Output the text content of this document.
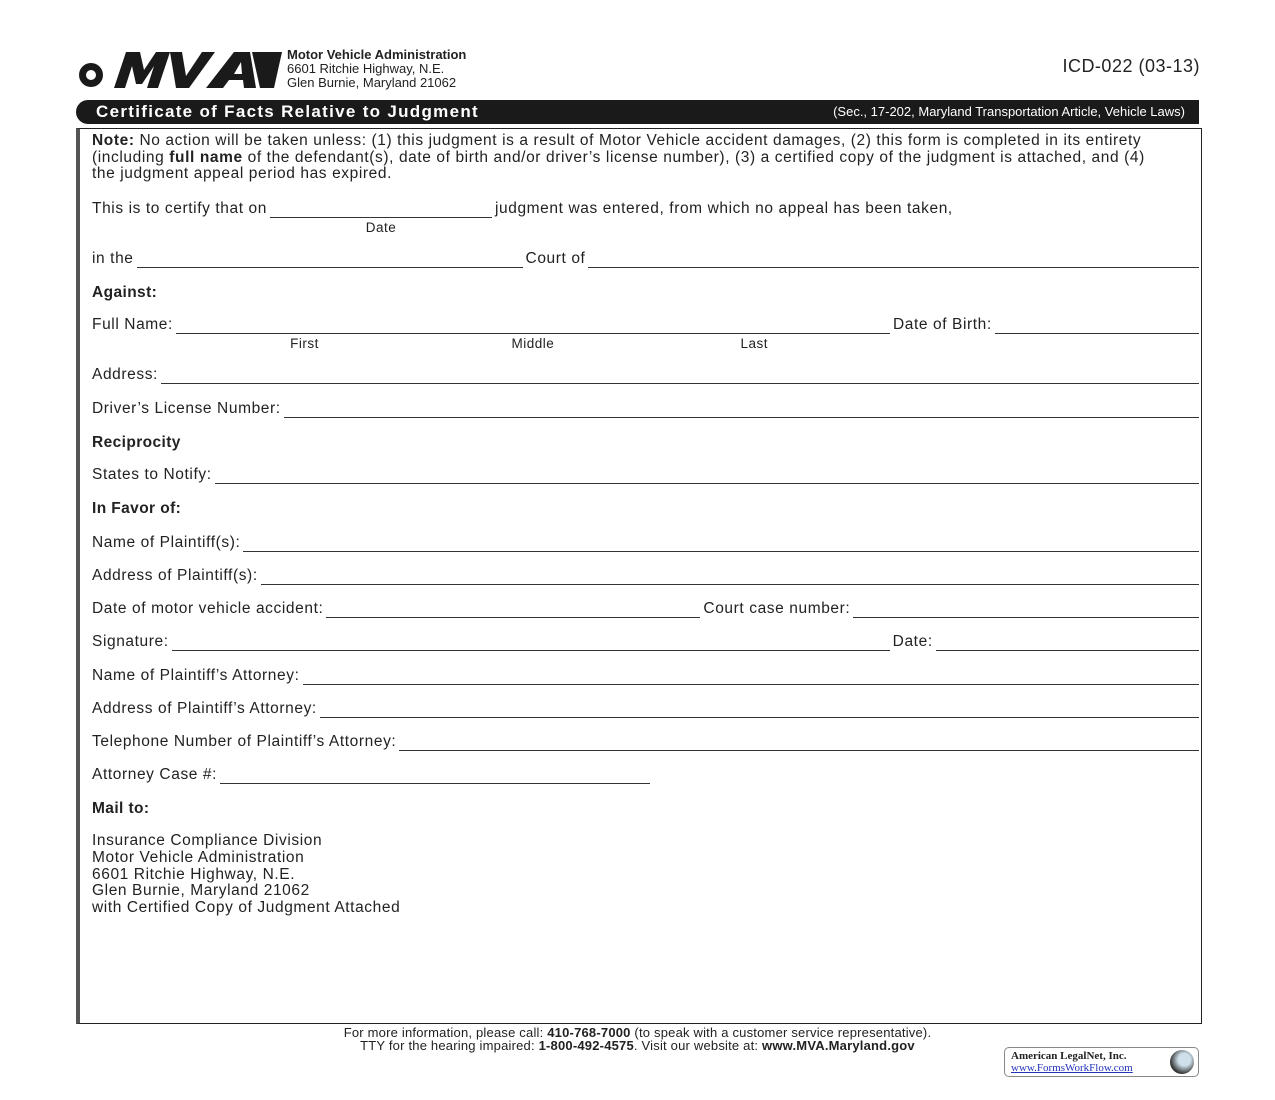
Motor Vehicle Administration
6601 Ritchie Highway, N.E.
Glen Burnie, Maryland 21062
ICD-022 (03-13)
Certificate of Facts Relative to Judgment	(Sec., 17-202, Maryland Transportation Article, Vehicle Laws)
Note: No action will be taken unless: (1) this judgment is a result of Motor Vehicle accident damages, (2) this form is completed in its entirety (including full name of the defendant(s), date of birth and/or driver’s license number), (3) a certified copy of the judgment is attached, and (4) the judgment appeal period has expired.
This is to certify that on
Date
judgment was entered, from which no appeal has been taken,
in the	Court of
Against:
Full Name:
First	Middle	Last
Date of Birth:
Address:
Driver’s License Number:
Reciprocity
States to Notify:
In Favor of:
Name of Plaintiff(s):
Address of Plaintiff(s):
Date of motor vehicle accident:	Court case number:
Signature:	Date:
Name of Plaintiff’s Attorney:
Address of Plaintiff’s Attorney:
Telephone Number of Plaintiff’s Attorney:
Attorney Case #:
Mail to:
Insurance Compliance Division
Motor Vehicle Administration
6601 Ritchie Highway, N.E.
Glen Burnie, Maryland 21062
with Certified Copy of Judgment Attached
For more information, please call: 410-768-7000 (to speak with a customer service representative).
TTY for the hearing impaired: 1-800-492-4575. Visit our website at: www.MVA.Maryland.gov
American LegalNet, Inc.
www.FormsWorkFlow.com
